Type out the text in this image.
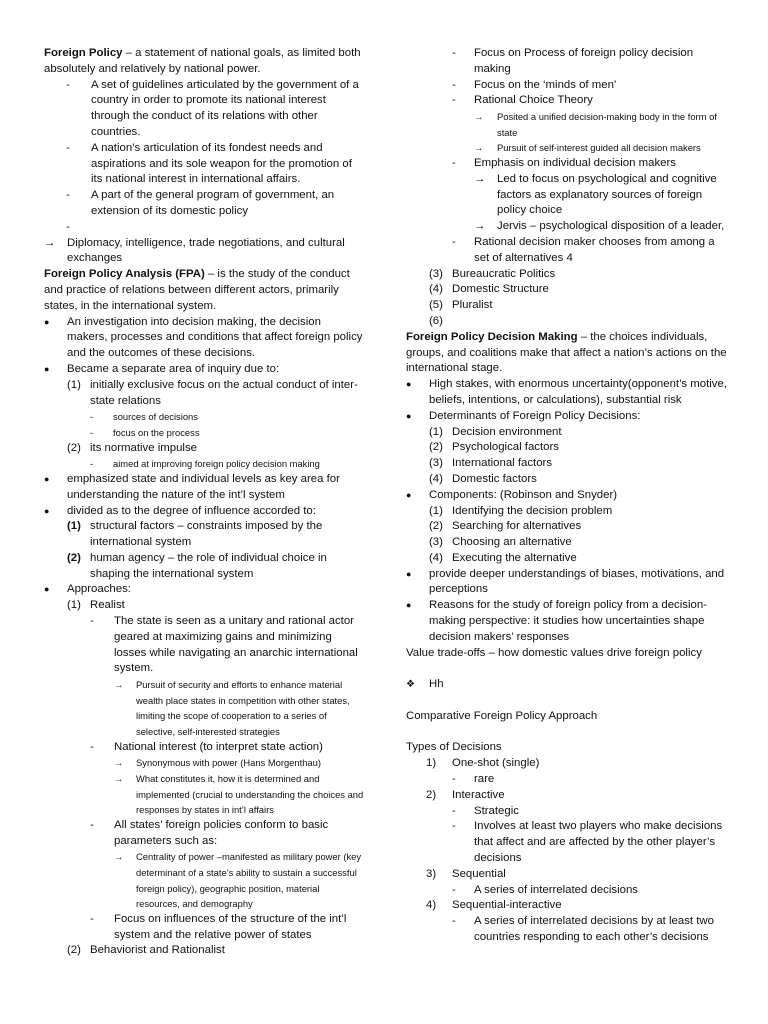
Foreign Policy – a statement of national goals, as limited both absolutely and relatively by national power.
-	A set of guidelines articulated by the government of a country in order to promote its national interest through the conduct of its relations with other countries.
-	A nation’s articulation of its fondest needs and aspirations and its sole weapon for the promotion of its national interest in international affairs.
-	A part of the general program of government, an extension of its domestic policy
-
→	Diplomacy, intelligence, trade negotiations, and cultural exchanges
Foreign Policy Analysis (FPA) – is the study of the conduct and practice of relations between different actors, primarily states, in the international system.
●	An investigation into decision making, the decision makers, processes and conditions that affect foreign policy and the outcomes of these decisions.
●	Became a separate area of inquiry due to:
(1) initially exclusive focus on the actual conduct of inter-state relations
-	sources of decisions
-	focus on the process
(2) its normative impulse
-	aimed at improving foreign policy decision making
●	emphasized state and individual levels as key area for understanding the nature of the int’l system
●	divided as to the degree of influence accorded to:
(1) structural factors – constraints imposed by the international system
(2) human agency – the role of individual choice in shaping the international system
●	Approaches:
(1) Realist
-	The state is seen as a unitary and rational actor geared at maximizing gains and minimizing losses while navigating an anarchic international system.
→	Pursuit of security and efforts to enhance material wealth place states in competition with other states, limiting the scope of cooperation to a series of selective, self-interested strategies
-	National interest (to interpret state action)
→	Synonymous with power (Hans Morgenthau)
→	What constitutes it, how it is determined and implemented (crucial to understanding the choices and responses by states in int’l affairs
-	All states’ foreign policies conform to basic parameters such as:
→	Centrality of power –manifested as military power (key determinant of a state’s ability to sustain a successful foreign policy), geographic position, material resources, and demography
-	Focus on influences of the structure of the int’l system and the relative power of states
(2) Behaviorist and Rationalist
-	Focus on Process of foreign policy decision making
-	Focus on the ‘minds of men’
-	Rational Choice Theory
→	Posited a unified decision-making body in the form of state
→	Pursuit of self-interest guided all decision makers
-	Emphasis on individual decision makers
→	Led to focus on psychological and cognitive factors as explanatory sources of foreign policy choice
→	Jervis – psychological disposition of a leader,
-	Rational decision maker chooses from among a set of alternatives 4
(3) Bureaucratic Politics
(4) Domestic Structure
(5) Pluralist
(6)
Foreign Policy Decision Making – the choices individuals, groups, and coalitions make that affect a nation’s actions on the international stage.
●	High stakes, with enormous uncertainty(opponent’s motive, beliefs, intentions, or calculations), substantial risk
●	Determinants of Foreign Policy Decisions:
(1) Decision environment
(2) Psychological factors
(3) International factors
(4) Domestic factors
●	Components: (Robinson and Snyder)
(1) Identifying the decision problem
(2) Searching for alternatives
(3) Choosing an alternative
(4) Executing the alternative
●	provide deeper understandings of biases, motivations, and perceptions
●	Reasons for the study of foreign policy from a decision-making perspective: it studies how uncertainties shape decision makers’ responses
Value trade-offs – how domestic values drive foreign policy
❖	Hh
Comparative Foreign Policy Approach
Types of Decisions
1)	One-shot (single)
-	rare
2)	Interactive
-	Strategic
-	Involves at least two players who make decisions that affect and are affected by the other player’s decisions
3)	Sequential
-	A series of interrelated decisions
4)	Sequential-interactive
-	A series of interrelated decisions by at least two countries responding to each other’s decisions
